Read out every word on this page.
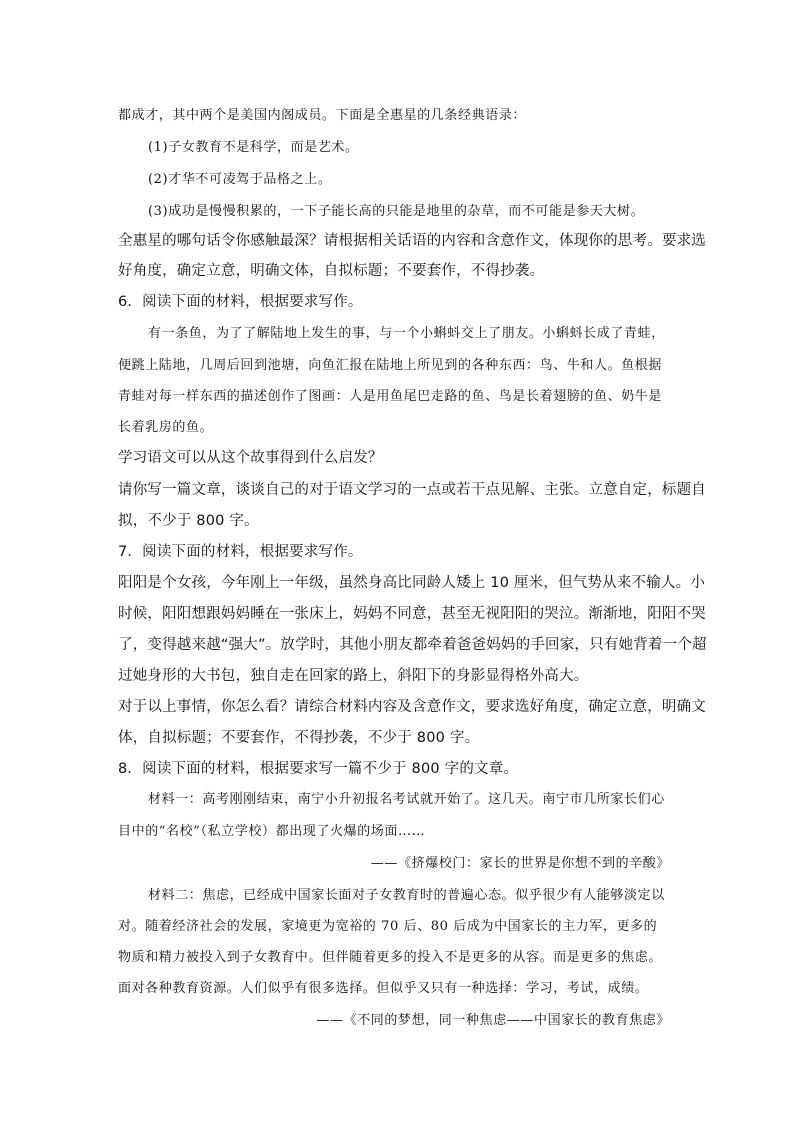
都成才，其中两个是美国内阁成员。下面是全惠星的几条经典语录：

(1)子女教育不是科学，而是艺术。

(2)才华不可凌驾于品格之上。

(3)成功是慢慢积累的，一下子能长高的只能是地里的杂草，而不可能是参天大树。

全惠星的哪句话令你感触最深？请根据相关话语的内容和含意作文，体现你的思考。要求选

好角度，确定立意，明确文体，自拟标题；不要套作，不得抄袭。

6．阅读下面的材料，根据要求写作。

有一条鱼，为了了解陆地上发生的事，与一个小蝌蚪交上了朋友。小蝌蚪长成了青蛙，

便跳上陆地，几周后回到池塘，向鱼汇报在陆地上所见到的各种东西：鸟、牛和人。鱼根据

青蛙对每一样东西的描述创作了图画：人是用鱼尾巴走路的鱼、鸟是长着翅膀的鱼、奶牛是

长着乳房的鱼。

学习语文可以从这个故事得到什么启发？

请你写一篇文章，谈谈自己的对于语文学习的一点或若干点见解、主张。立意自定，标题自

拟，不少于 800 字。

7．阅读下面的材料，根据要求写作。

阳阳是个女孩，今年刚上一年级，虽然身高比同龄人矮上 10 厘米，但气势从来不输人。小

时候，阳阳想跟妈妈睡在一张床上，妈妈不同意，甚至无视阳阳的哭泣。渐渐地，阳阳不哭

了，变得越来越“强大”。放学时，其他小朋友都牵着爸爸妈妈的手回家，只有她背着一个超

过她身形的大书包，独自走在回家的路上，斜阳下的身影显得格外高大。

对于以上事情，你怎么看？请综合材料内容及含意作文，要求选好角度，确定立意，明确文

体，自拟标题；不要套作，不得抄袭，不少于 800 字。

8．阅读下面的材料，根据要求写一篇不少于 800 字的文章。

材料一：高考刚刚结束，南宁小升初报名考试就开始了。这几天。南宁市几所家长们心

目中的“名校”（私立学校）都出现了火爆的场面……

——《挤爆校门：家长的世界是你想不到的辛酸》

材料二：焦虑，已经成中国家长面对子女教育时的普遍心态。似乎很少有人能够淡定以

对。随着经济社会的发展，家境更为宽裕的 70 后、80 后成为中国家长的主力军，更多的

物质和精力被投入到子女教育中。但伴随着更多的投入不是更多的从容。而是更多的焦虑。

面对各种教育资源。人们似乎有很多选择。但似乎又只有一种选择：学习，考试，成绩。

——《不同的梦想，同一种焦虑——中国家长的教育焦虑》
